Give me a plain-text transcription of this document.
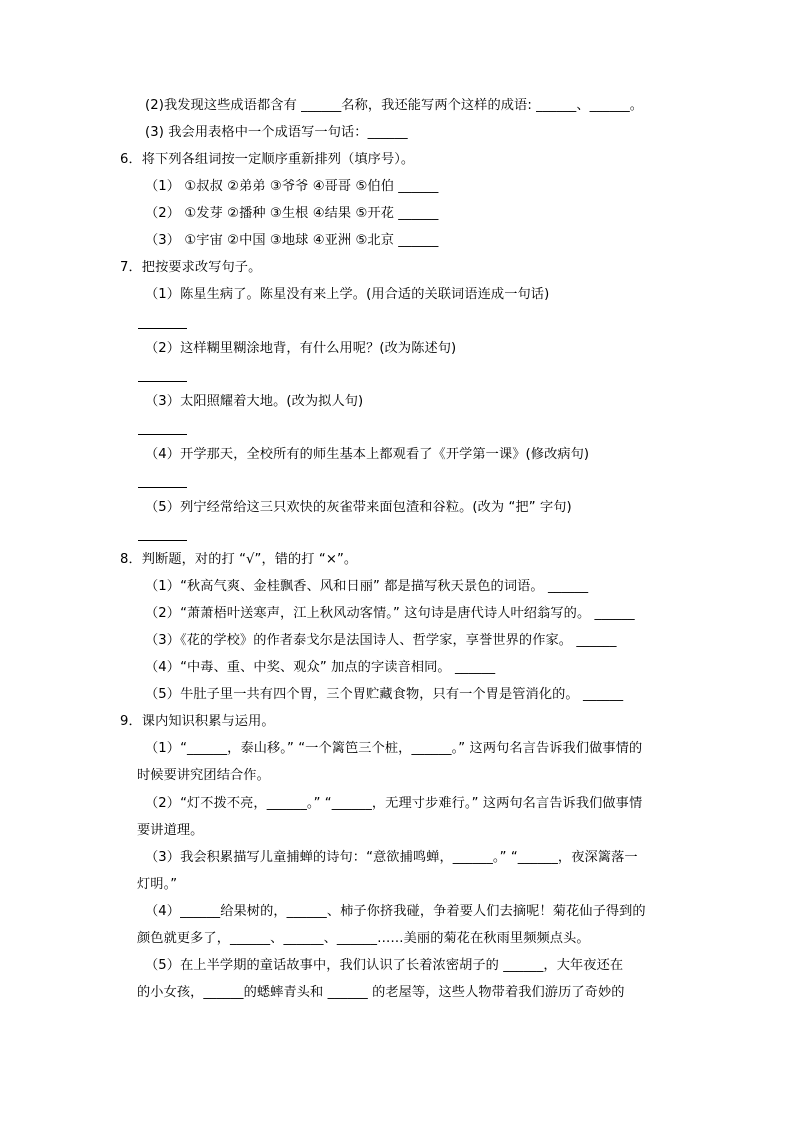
(2)我发现这些成语都含有 ______名称，我还能写两个这样的成语: ______、______。
(3) 我会用表格中一个成语写一句话：______
6．将下列各组词按一定顺序重新排列（填序号）。
（1） ①叔叔 ②弟弟 ③爷爷 ④哥哥 ⑤伯伯 ______
（2） ①发芽 ②播种 ③生根 ④结果 ⑤开花 ______
（3） ①宇宙 ②中国 ③地球 ④亚洲 ⑤北京 ______
7．把按要求改写句子。
（1）陈星生病了。陈星没有来上学。(用合适的关联词语连成一句话)
（2）这样糊里糊涂地背，有什么用呢？(改为陈述句)
（3）太阳照耀着大地。(改为拟人句)
（4）开学那天，全校所有的师生基本上都观看了《开学第一课》(修改病句)
（5）列宁经常给这三只欢快的灰雀带来面包渣和谷粒。(改为 “把” 字句)
8．判断题，对的打 “√”，错的打 “×”。
（1）“秋高气爽、金桂飘香、风和日丽” 都是描写秋天景色的词语。 ______
（2）“萧萧梧叶送寒声，江上秋风动客情。” 这句诗是唐代诗人叶绍翁写的。 ______
（3）《花的学校》的作者泰戈尔是法国诗人、哲学家，享誉世界的作家。 ______
（4）“中毒、重、中奖、观众” 加点的字读音相同。 ______
（5）牛肚子里一共有四个胃，三个胃贮藏食物，只有一个胃是管消化的。 ______
9．课内知识积累与运用。
（1）“______，泰山移。” “一个篱笆三个桩，______。” 这两句名言告诉我们做事情的
时候要讲究团结合作。
（2）“灯不拨不亮，______。” “______，无理寸步难行。” 这两句名言告诉我们做事情
要讲道理。
（3）我会积累描写儿童捕蝉的诗句：“意欲捕鸣蝉，______。” “______，夜深篱落一
灯明。”
（4）______给果树的，______、柿子你挤我碰，争着要人们去摘呢！菊花仙子得到的
颜色就更多了，______、______、______……美丽的菊花在秋雨里频频点头。
（5）在上半学期的童话故事中，我们认识了长着浓密胡子的 ______，大年夜还在
的小女孩，______的蟋蟀青头和 ______ 的老屋等，这些人物带着我们游历了奇妙的
